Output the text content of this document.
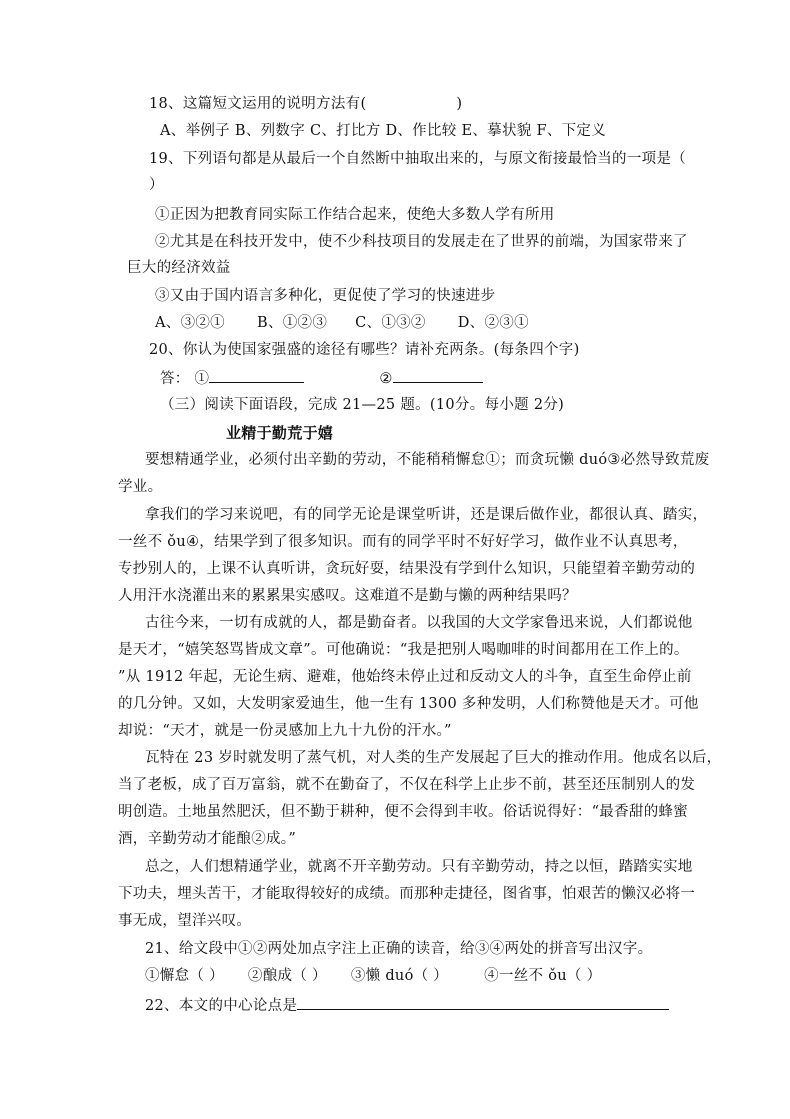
18、这篇短文运用的说明方法有(	)
A、举例子 B、列数字 C、打比方 D、作比较 E、摹状貌 F、下定义
19、下列语句都是从最后一个自然断中抽取出来的，与原文衔接最恰当的一项是（
）
①正因为把教育同实际工作结合起来，使绝大多数人学有所用
②尤其是在科技开发中，使不少科技项目的发展走在了世界的前端，为国家带来了
巨大的经济效益
③又由于国内语言多种化，更促使了学习的快速进步
A、③②① B、①②③ C、①③② D、②③①
20、你认为使国家强盛的途径有哪些？请补充两条。(每条四个字)
答： ①	②
（三）阅读下面语段，完成 21—25 题。(10分。每小题 2分)
业精于勤荒于嬉
要想精通学业，必须付出辛勤的劳动，不能稍稍懈怠①；而贪玩懒 duó③必然导致荒废
学业。
拿我们的学习来说吧，有的同学无论是课堂听讲，还是课后做作业，都很认真、踏实，
一丝不 ǒu④，结果学到了很多知识。而有的同学平时不好好学习，做作业不认真思考，
专抄别人的，上课不认真听讲，贪玩好耍，结果没有学到什么知识，只能望着辛勤劳动的
人用汗水浇灌出来的累累果实感叹。这难道不是勤与懒的两种结果吗？
古往今来，一切有成就的人，都是勤奋者。以我国的大文学家鲁迅来说，人们都说他
是天才，“嬉笑怒骂皆成文章”。可他确说：“我是把别人喝咖啡的时间都用在工作上的。
”从 1912 年起，无论生病、避难，他始终未停止过和反动文人的斗争，直至生命停止前
的几分钟。又如，大发明家爱迪生，他一生有 1300 多种发明，人们称赞他是天才。可他
却说：“天才，就是一份灵感加上九十九份的汗水。”
瓦特在 23 岁时就发明了蒸气机，对人类的生产发展起了巨大的推动作用。他成名以后，
当了老板，成了百万富翁，就不在勤奋了，不仅在科学上止步不前，甚至还压制别人的发
明创造。土地虽然肥沃，但不勤于耕种，便不会得到丰收。俗话说得好：“最香甜的蜂蜜
酒，辛勤劳动才能酿②成。”
总之，人们想精通学业，就离不开辛勤劳动。只有辛勤劳动，持之以恒，踏踏实实地
下功夫，埋头苦干，才能取得较好的成绩。而那种走捷径，图省事，怕艰苦的懒汉必将一
事无成，望洋兴叹。
21、给文段中①②两处加点字注上正确的读音，给③④两处的拼音写出汉字。
①懈怠（ ） ②酿成（ ） ③懒 duó（ ） ④一丝不 ǒu（ ）
22、本文的中心论点是
